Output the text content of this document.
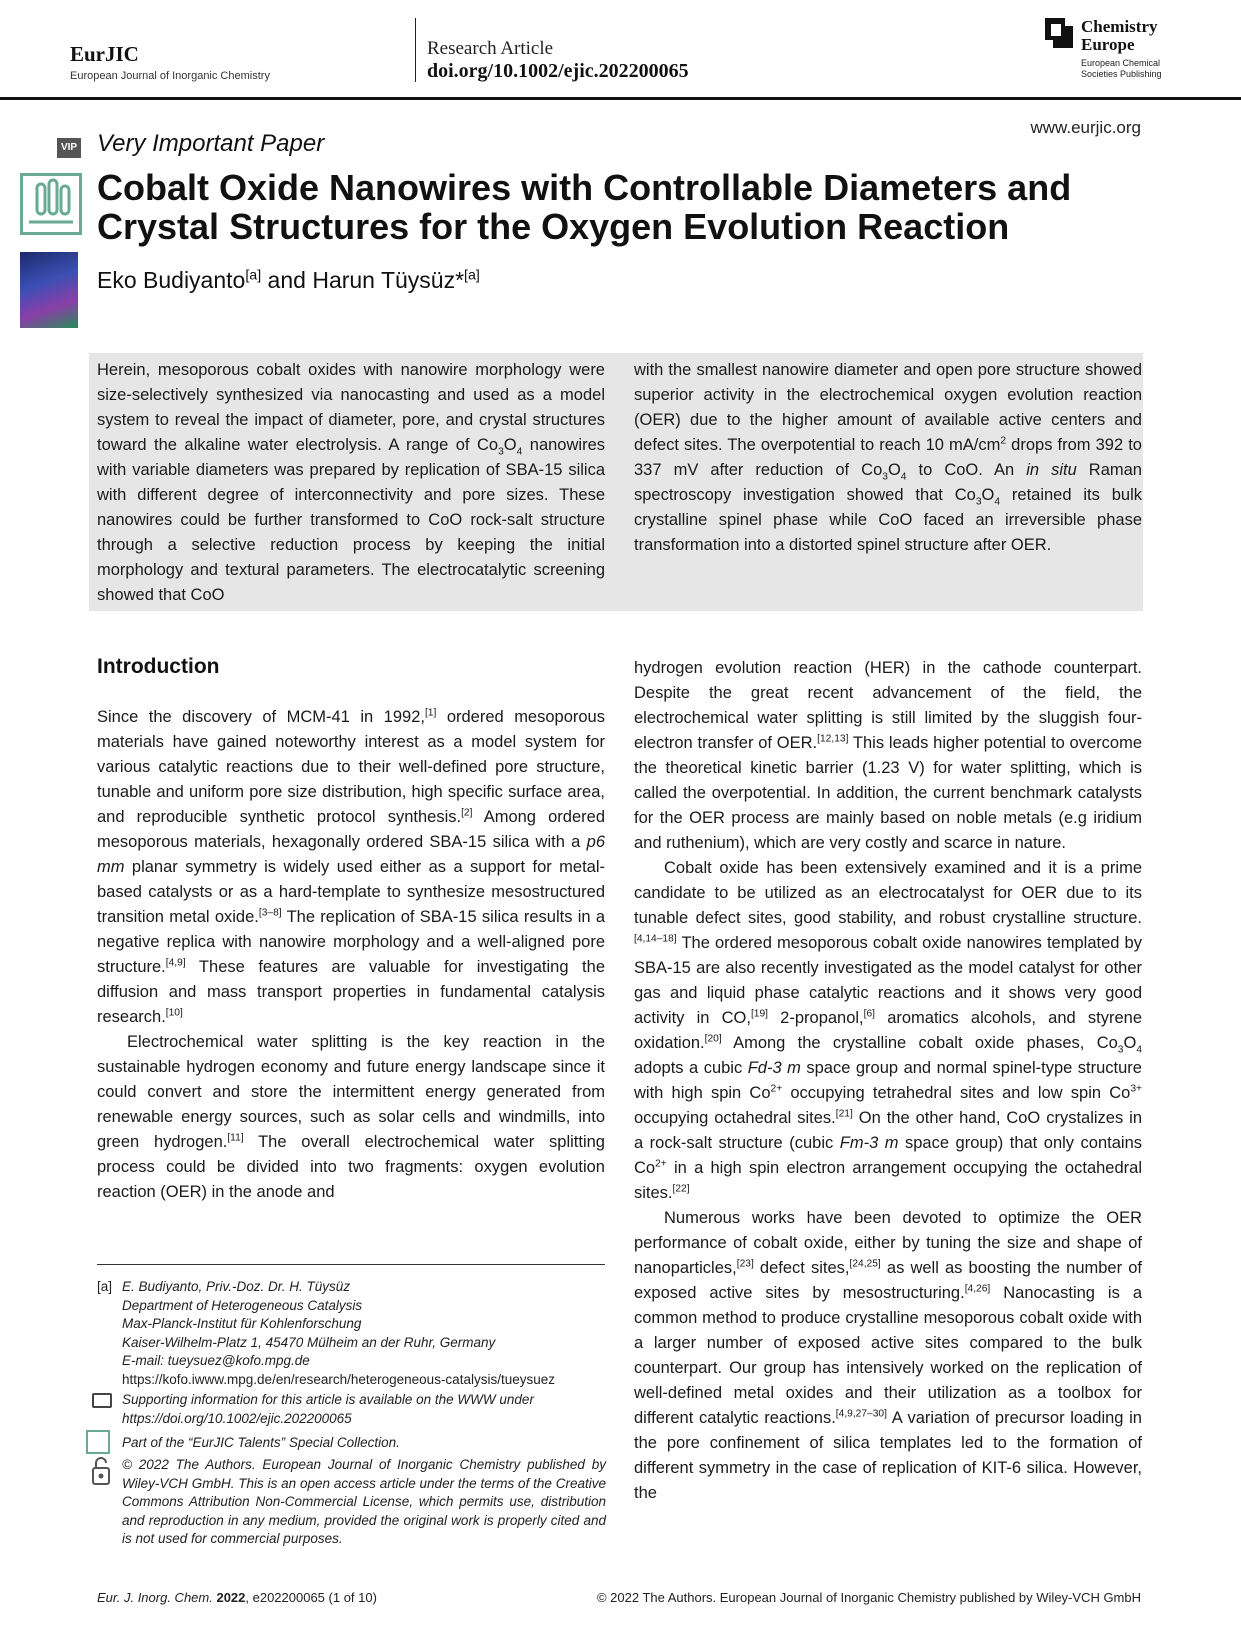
EurJIC
European Journal of Inorganic Chemistry
Research Article
doi.org/10.1002/ejic.202200065
Chemistry
Europe
European Chemical
Societies Publishing
www.eurjic.org
VIP Very Important Paper
Cobalt Oxide Nanowires with Controllable Diameters and Crystal Structures for the Oxygen Evolution Reaction
Eko Budiyanto[a] and Harun Tüysüz*[a]
Herein, mesoporous cobalt oxides with nanowire morphology were size-selectively synthesized via nanocasting and used as a model system to reveal the impact of diameter, pore, and crystal structures toward the alkaline water electrolysis. A range of $Co_3O_4$ nanowires with variable diameters was prepared by replication of SBA-15 silica with different degree of interconnectivity and pore sizes. These nanowires could be further transformed to CoO rock-salt structure through a selective reduction process by keeping the initial morphology and textural parameters. The electrocatalytic screening showed that CoO
with the smallest nanowire diameter and open pore structure showed superior activity in the electrochemical oxygen evolution reaction (OER) due to the higher amount of available active centers and defect sites. The overpotential to reach 10 $mA/cm^2$ drops from 392 to 337 mV after reduction of $Co_3O_4$ to CoO. An in situ Raman spectroscopy investigation showed that $Co_3O_4$ retained its bulk crystalline spinel phase while CoO faced an irreversible phase transformation into a distorted spinel structure after OER.
Introduction

Since the discovery of MCM-41 in 1992,[1] ordered mesoporous materials have gained noteworthy interest as a model system for various catalytic reactions due to their well-defined pore structure, tunable and uniform pore size distribution, high specific surface area, and reproducible synthetic protocol synthesis.[2] Among ordered mesoporous materials, hexagonally ordered SBA-15 silica with a p6 mm planar symmetry is widely used either as a support for metal-based catalysts or as a hard-template to synthesize mesostructured transition metal oxide.[3–8] The replication of SBA-15 silica results in a negative replica with nanowire morphology and a well-aligned pore structure.[4,9] These features are valuable for investigating the diffusion and mass transport properties in fundamental catalysis research.[10]

Electrochemical water splitting is the key reaction in the sustainable hydrogen economy and future energy landscape since it could convert and store the intermittent energy generated from renewable energy sources, such as solar cells and windmills, into green hydrogen.[11] The overall electrochemical water splitting process could be divided into two fragments: oxygen evolution reaction (OER) in the anode and

hydrogen evolution reaction (HER) in the cathode counterpart. Despite the great recent advancement of the field, the electrochemical water splitting is still limited by the sluggish four-electron transfer of OER.[12,13] This leads higher potential to overcome the theoretical kinetic barrier (1.23 V) for water splitting, which is called the overpotential. In addition, the current benchmark catalysts for the OER process are mainly based on noble metals (e.g iridium and ruthenium), which are very costly and scarce in nature.

Cobalt oxide has been extensively examined and it is a prime candidate to be utilized as an electrocatalyst for OER due to its tunable defect sites, good stability, and robust crystalline structure.[4,14–18] The ordered mesoporous cobalt oxide nanowires templated by SBA-15 are also recently investigated as the model catalyst for other gas and liquid phase catalytic reactions and it shows very good activity in CO,[19] 2-propanol,[6] aromatics alcohols, and styrene oxidation.[20] Among the crystalline cobalt oxide phases, $Co_3O_4$ adopts a cubic Fd-3 m space group and normal spinel-type structure with high spin $Co^{2+}$ occupying tetrahedral sites and low spin $Co^{3+}$ occupying octahedral sites.[21] On the other hand, CoO crystalizes in a rock-salt structure (cubic Fm-3 m space group) that only contains $Co^{2+}$ in a high spin electron arrangement occupying the octahedral sites.[22]

Numerous works have been devoted to optimize the OER performance of cobalt oxide, either by tuning the size and shape of nanoparticles,[23] defect sites,[24,25] as well as boosting the number of exposed active sites by mesostructuring.[4,26] Nanocasting is a common method to produce crystalline mesoporous cobalt oxide with a larger number of exposed active sites compared to the bulk counterpart. Our group has intensively worked on the replication of well-defined metal oxides and their utilization as a toolbox for different catalytic reactions.[4,9,27–30] A variation of precursor loading in the pore confinement of silica templates led to the formation of different symmetry in the case of replication of KIT-6 silica. However, the

[a] E. Budiyanto, Priv.-Doz. Dr. H. Tüysüz
Department of Heterogeneous Catalysis
Max-Planck-Institut für Kohlenforschung
Kaiser-Wilhelm-Platz 1, 45470 Mülheim an der Ruhr, Germany
E-mail: tueysuez@kofo.mpg.de
https://kofo.iwww.mpg.de/en/research/heterogeneous-catalysis/tueysuez
Supporting information for this article is available on the WWW under https://doi.org/10.1002/ejic.202200065
Part of the “EurJIC Talents” Special Collection.
© 2022 The Authors. European Journal of Inorganic Chemistry published by Wiley-VCH GmbH. This is an open access article under the terms of the Creative Commons Attribution Non-Commercial License, which permits use, distribution and reproduction in any medium, provided the original work is properly cited and is not used for commercial purposes.
Eur. J. Inorg. Chem. 2022, e202200065 (1 of 10)	© 2022 The Authors. European Journal of Inorganic Chemistry published by Wiley-VCH GmbH
